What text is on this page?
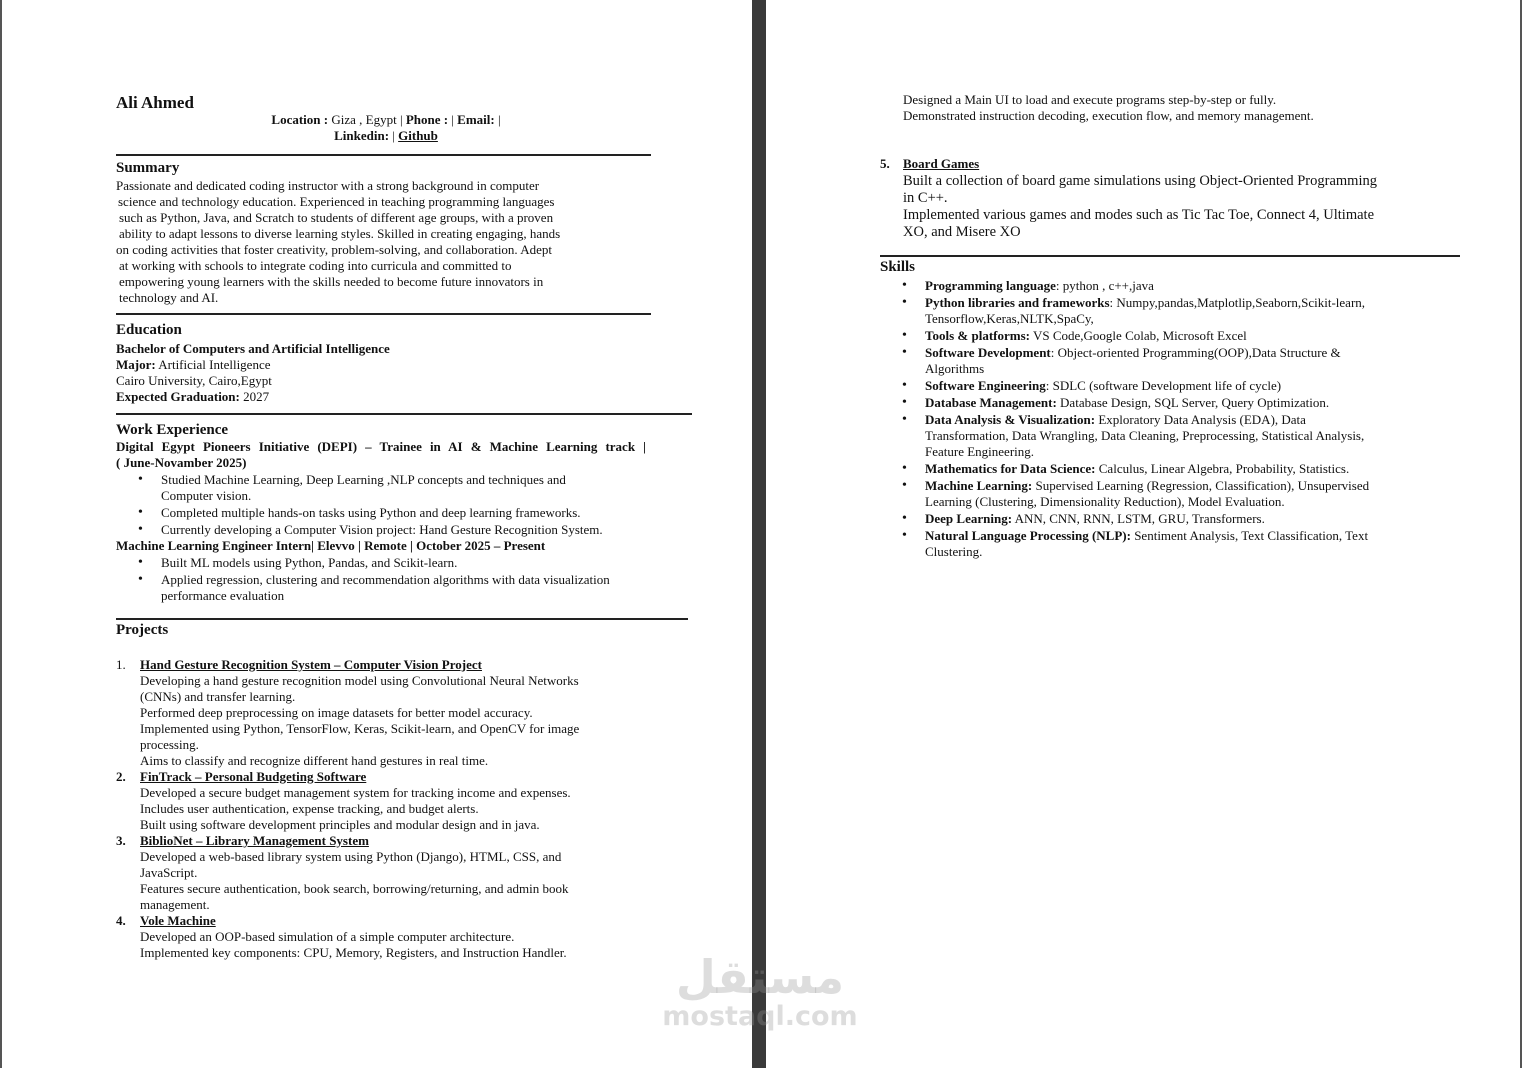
Ali Ahmed
Location : Giza , Egypt | Phone : | Email: |
Linkedin: | Github
Summary
Passionate and dedicated coding instructor with a strong background in computer
science and technology education. Experienced in teaching programming languages
such as Python, Java, and Scratch to students of different age groups, with a proven
ability to adapt lessons to diverse learning styles. Skilled in creating engaging, hands
on coding activities that foster creativity, problem-solving, and collaboration. Adept
at working with schools to integrate coding into curricula and committed to
empowering young learners with the skills needed to become future innovators in
technology and AI.
Education
Bachelor of Computers and Artificial Intelligence
Major: Artificial Intelligence
Cairo University, Cairo,Egypt
Expected Graduation: 2027
Work Experience
Digital Egypt Pioneers Initiative (DEPI) – Trainee in AI & Machine Learning track |
( June-Novamber 2025)
• Studied Machine Learning, Deep Learning ,NLP concepts and techniques and
Computer vision.
• Completed multiple hands-on tasks using Python and deep learning frameworks.
• Currently developing a Computer Vision project: Hand Gesture Recognition System.
Machine Learning Engineer Intern| Elevvo | Remote | October 2025 – Present
• Built ML models using Python, Pandas, and Scikit-learn.
• Applied regression, clustering and recommendation algorithms with data visualization
performance evaluation
Projects
1. Hand Gesture Recognition System – Computer Vision Project
Developing a hand gesture recognition model using Convolutional Neural Networks
(CNNs) and transfer learning.
Performed deep preprocessing on image datasets for better model accuracy.
Implemented using Python, TensorFlow, Keras, Scikit-learn, and OpenCV for image
processing.
Aims to classify and recognize different hand gestures in real time.
2. FinTrack – Personal Budgeting Software
Developed a secure budget management system for tracking income and expenses.
Includes user authentication, expense tracking, and budget alerts.
Built using software development principles and modular design and in java.
3. BiblioNet – Library Management System
Developed a web-based library system using Python (Django), HTML, CSS, and
JavaScript.
Features secure authentication, book search, borrowing/returning, and admin book
management.
4. Vole Machine
Developed an OOP-based simulation of a simple computer architecture.
Implemented key components: CPU, Memory, Registers, and Instruction Handler.
Designed a Main UI to load and execute programs step-by-step or fully.
Demonstrated instruction decoding, execution flow, and memory management.
5. Board Games
Built a collection of board game simulations using Object-Oriented Programming
in C++.
Implemented various games and modes such as Tic Tac Toe, Connect 4, Ultimate
XO, and Misere XO
Skills
• Programming language: python , c++,java
• Python libraries and frameworks: Numpy,pandas,Matplotlip,Seaborn,Scikit-learn,
Tensorflow,Keras,NLTK,SpaCy,
• Tools & platforms: VS Code,Google Colab, Microsoft Excel
• Software Development: Object-oriented Programming(OOP),Data Structure &
Algorithms
• Software Engineering: SDLC (software Development life of cycle)
• Database Management: Database Design, SQL Server, Query Optimization.
• Data Analysis & Visualization: Exploratory Data Analysis (EDA), Data
Transformation, Data Wrangling, Data Cleaning, Preprocessing, Statistical Analysis,
Feature Engineering.
• Mathematics for Data Science: Calculus, Linear Algebra, Probability, Statistics.
• Machine Learning: Supervised Learning (Regression, Classification), Unsupervised
Learning (Clustering, Dimensionality Reduction), Model Evaluation.
• Deep Learning: ANN, CNN, RNN, LSTM, GRU, Transformers.
• Natural Language Processing (NLP): Sentiment Analysis, Text Classification, Text
Clustering.
مستقل
mostaql.com
